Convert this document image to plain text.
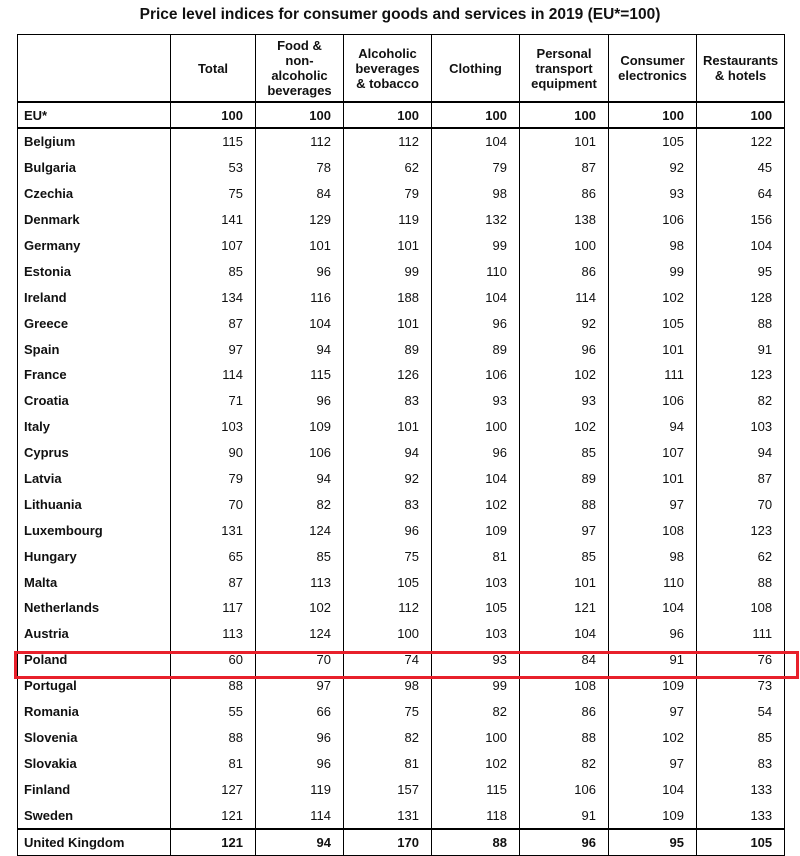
Price level indices for consumer goods and services in 2019 (EU*=100)
	Total	Food & non-alcoholic beverages	Alcoholic beverages & tobacco	Clothing	Personal transport equipment	Consumer electronics	Restaurants & hotels
EU*	100	100	100	100	100	100	100
Belgium	115	112	112	104	101	105	122
Bulgaria	53	78	62	79	87	92	45
Czechia	75	84	79	98	86	93	64
Denmark	141	129	119	132	138	106	156
Germany	107	101	101	99	100	98	104
Estonia	85	96	99	110	86	99	95
Ireland	134	116	188	104	114	102	128
Greece	87	104	101	96	92	105	88
Spain	97	94	89	89	96	101	91
France	114	115	126	106	102	111	123
Croatia	71	96	83	93	93	106	82
Italy	103	109	101	100	102	94	103
Cyprus	90	106	94	96	85	107	94
Latvia	79	94	92	104	89	101	87
Lithuania	70	82	83	102	88	97	70
Luxembourg	131	124	96	109	97	108	123
Hungary	65	85	75	81	85	98	62
Malta	87	113	105	103	101	110	88
Netherlands	117	102	112	105	121	104	108
Austria	113	124	100	103	104	96	111
Poland	60	70	74	93	84	91	76
Portugal	88	97	98	99	108	109	73
Romania	55	66	75	82	86	97	54
Slovenia	88	96	82	100	88	102	85
Slovakia	81	96	81	102	82	97	83
Finland	127	119	157	115	106	104	133
Sweden	121	114	131	118	91	109	133
United Kingdom	121	94	170	88	96	95	105
